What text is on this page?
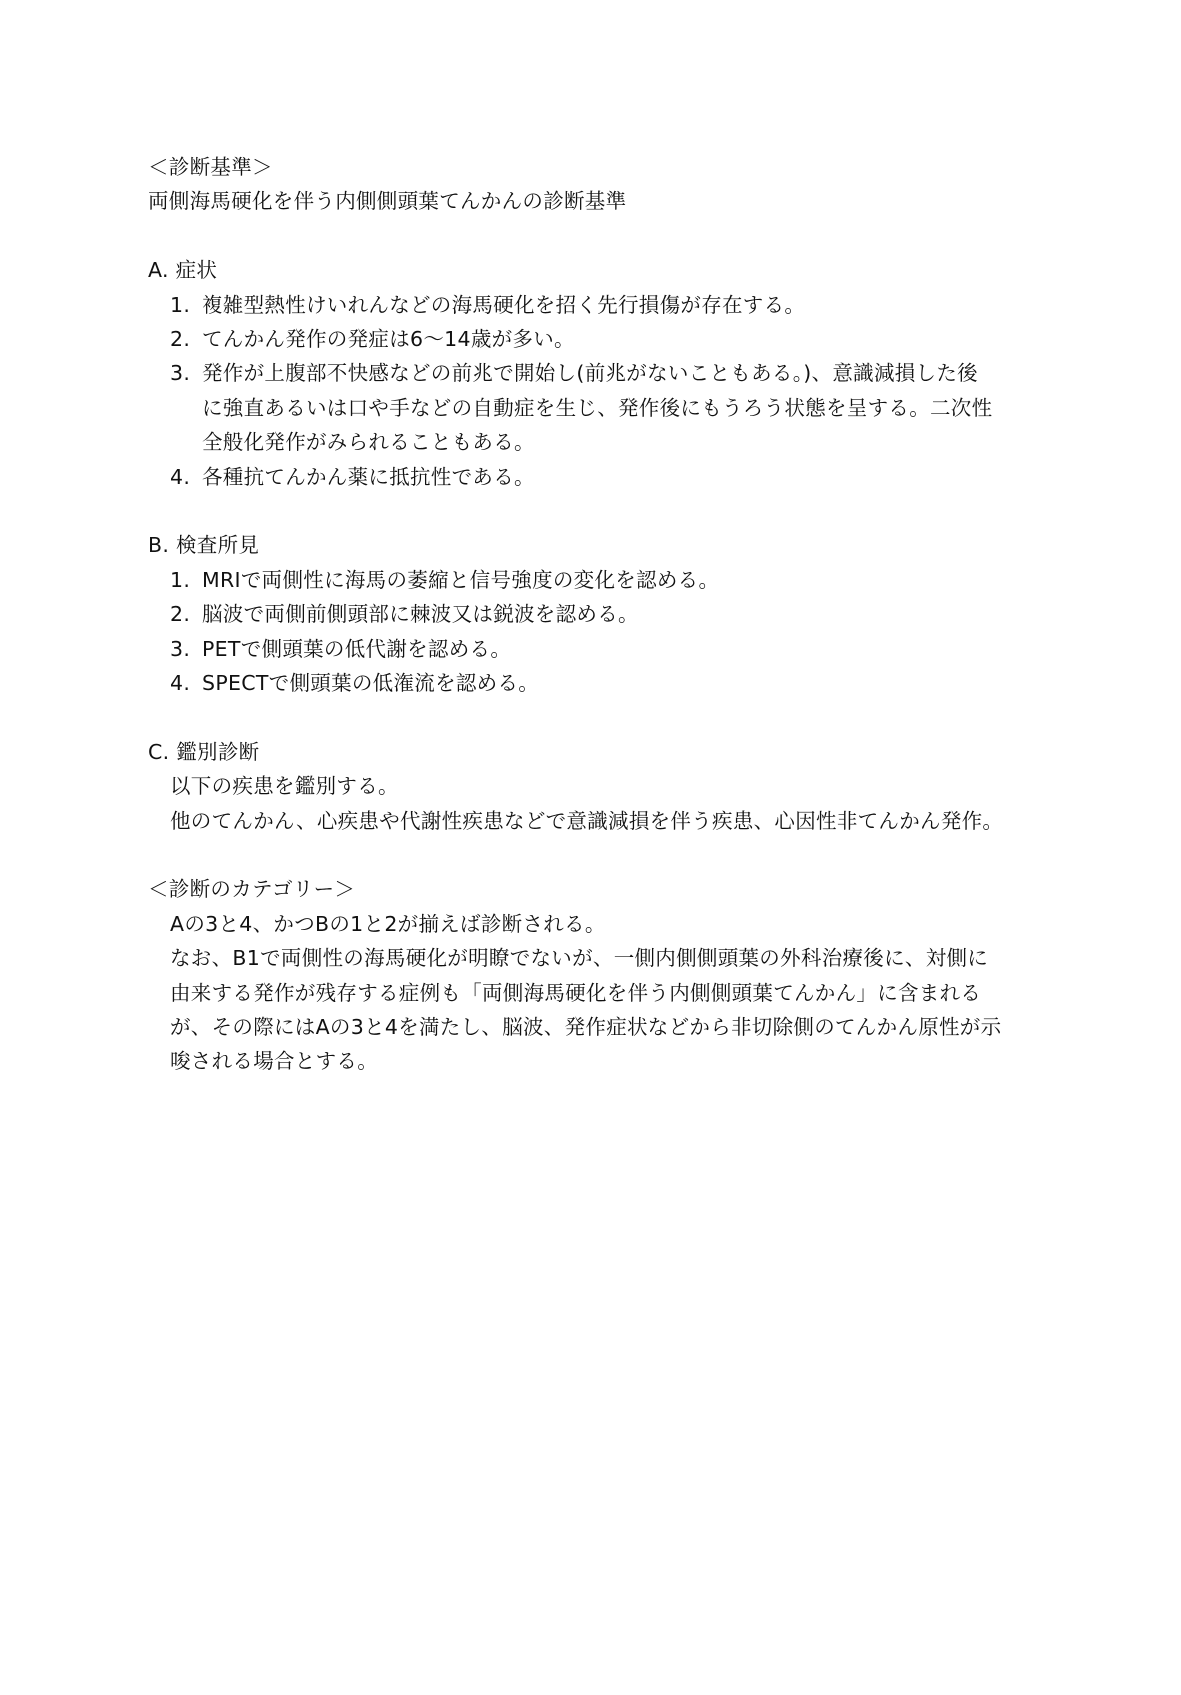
＜診断基準＞
両側海馬硬化を伴う内側側頭葉てんかんの診断基準
A. 症状
1. 複雑型熱性けいれんなどの海馬硬化を招く先行損傷が存在する。
2. てんかん発作の発症は6～14歳が多い。
3. 発作が上腹部不快感などの前兆で開始し(前兆がないこともある。)、意識減損した後
に強直あるいは口や手などの自動症を生じ、発作後にもうろう状態を呈する。二次性
全般化発作がみられることもある。
4. 各種抗てんかん薬に抵抗性である。
B. 検査所見
1. MRIで両側性に海馬の萎縮と信号強度の変化を認める。
2. 脳波で両側前側頭部に棘波又は鋭波を認める。
3. PETで側頭葉の低代謝を認める。
4. SPECTで側頭葉の低潅流を認める。
C. 鑑別診断
以下の疾患を鑑別する。
他のてんかん、心疾患や代謝性疾患などで意識減損を伴う疾患、心因性非てんかん発作。
＜診断のカテゴリー＞
Aの3と4、かつBの1と2が揃えば診断される。
なお、B1で両側性の海馬硬化が明瞭でないが、一側内側側頭葉の外科治療後に、対側に
由来する発作が残存する症例も「両側海馬硬化を伴う内側側頭葉てんかん」に含まれる
が、その際にはAの3と4を満たし、脳波、発作症状などから非切除側のてんかん原性が示
唆される場合とする。
